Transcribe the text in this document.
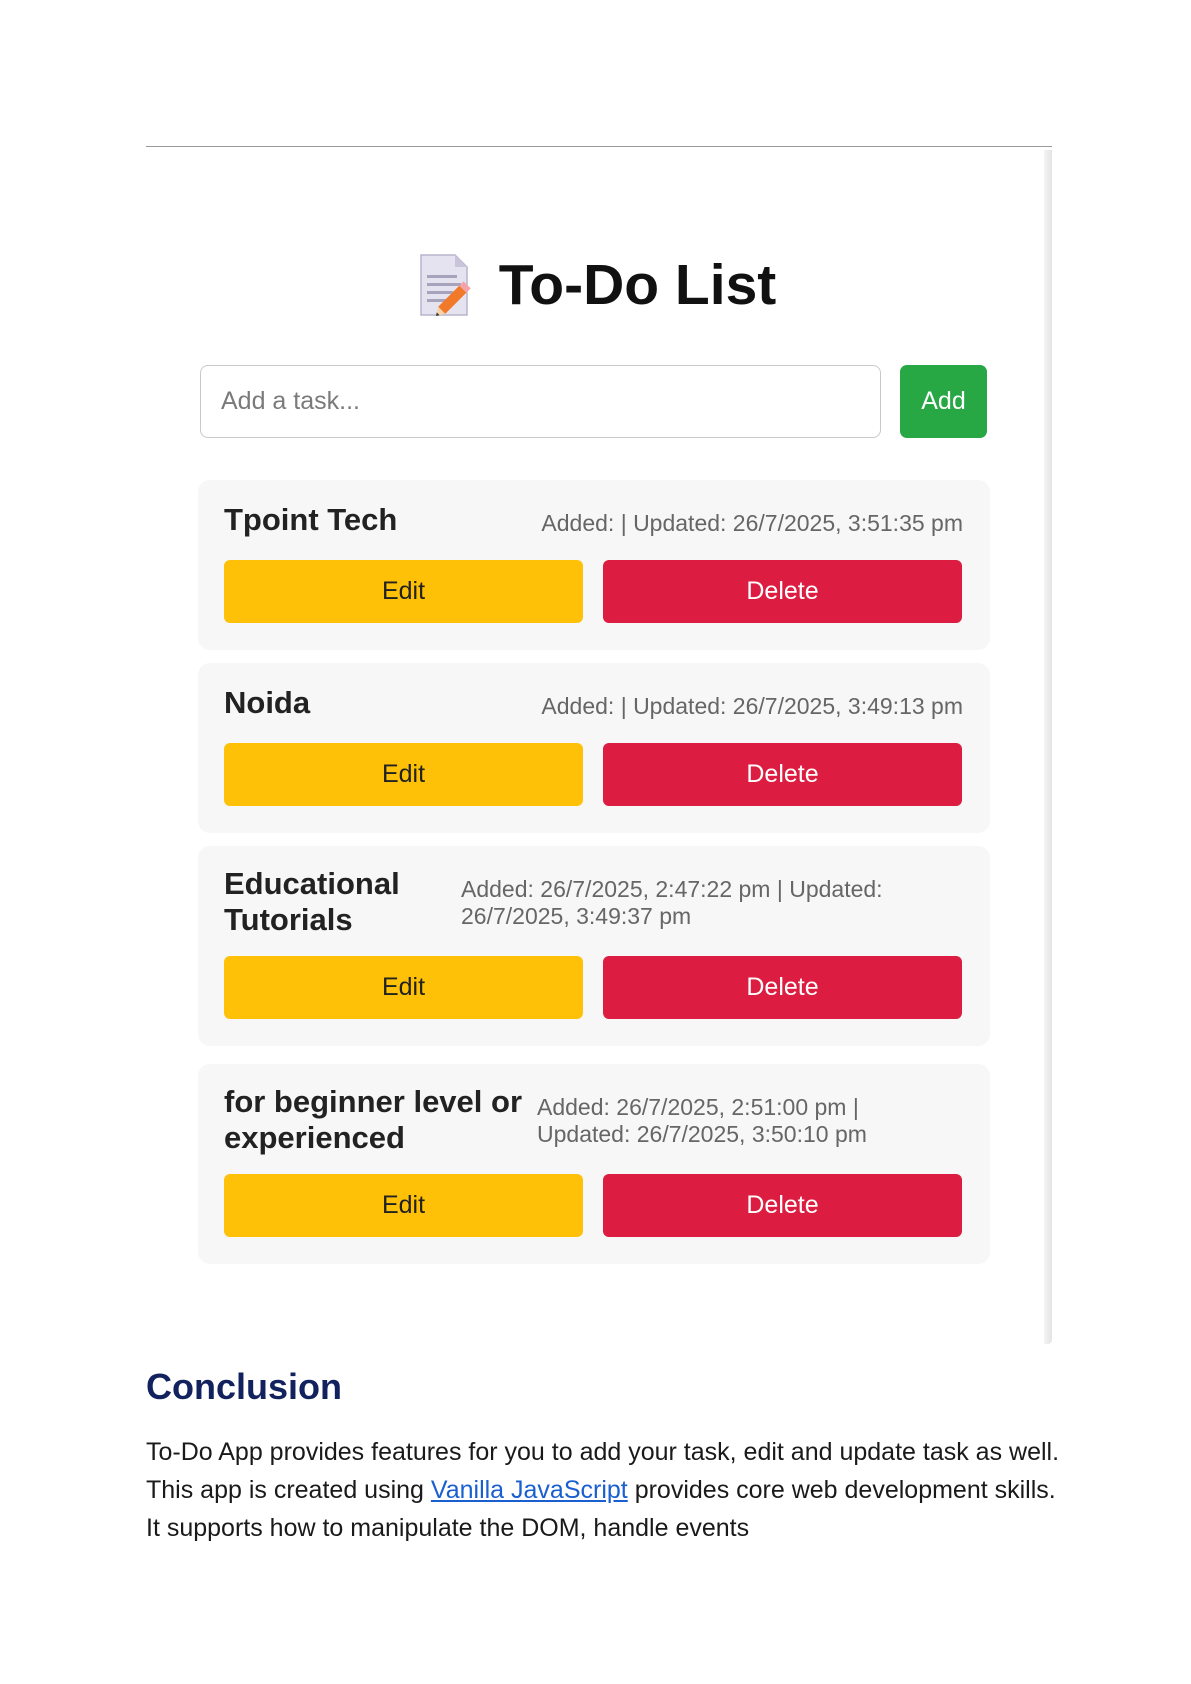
To-Do List
Add a task...
Add
Tpoint Tech	Added: | Updated: 26/7/2025, 3:51:35 pm
Edit	Delete
Noida	Added: | Updated: 26/7/2025, 3:49:13 pm
Edit	Delete
Educational
Tutorials
Added: 26/7/2025, 2:47:22 pm | Updated:
26/7/2025, 3:49:37 pm
Edit	Delete
for beginner level or
experienced
Added: 26/7/2025, 2:51:00 pm |
Updated: 26/7/2025, 3:50:10 pm
Edit	Delete
Conclusion

To-Do App provides features for you to add your task, edit and update task as well. This app is created using Vanilla JavaScript provides core web development skills. It supports how to manipulate the DOM, handle events
